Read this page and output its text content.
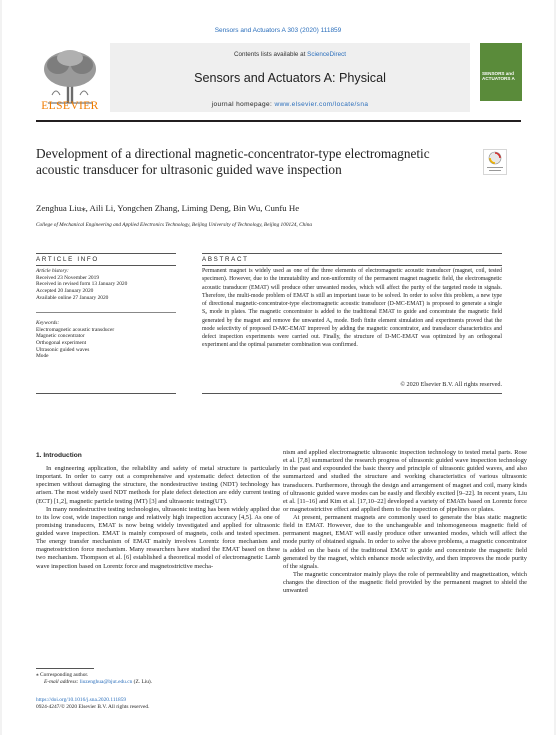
Sensors and Actuators A 303 (2020) 111859
ELSEVIER
Contents lists available at ScienceDirect
Sensors and Actuators A: Physical
journal homepage: www.elsevier.com/locate/sna
SENSORS and ACTUATORS A
Development of a directional magnetic-concentrator-type electromagnetic acoustic transducer for ultrasonic guided wave inspection
Zenghua Liu⁎, Aili Li, Yongchen Zhang, Liming Deng, Bin Wu, Cunfu He
College of Mechanical Engineering and Applied Electronics Technology, Beijing University of Technology, Beijing 100124, China
ARTICLE INFO	ABSTRACT
Article history:
Received 23 November 2019
Received in revised form 13 January 2020
Accepted 20 January 2020
Available online 27 January 2020
Keywords:
Electromagnetic acoustic transducer
Magnetic concentrator
Orthogonal experiment
Ultrasonic guided waves
Mode
Permanent magnet is widely used as one of the three elements of electromagnetic acoustic transducer (magnet, coil, tested specimen). However, due to the immutability and non-uniformity of the permanent magnet magnetic field, the electromagnetic acoustic transducer (EMAT) will produce other unwanted modes, which will affect the purity of the targeted mode in signals. Therefore, the multi-mode problem of EMAT is still an important issue to be solved. In order to solve this problem, a new type of directional magnetic-concentrator-type electromagnetic acoustic transducer (D-MC-EMAT) is proposed to generate a single S₀ mode in plates. The magnetic concentrator is added to the traditional EMAT to guide and concentrate the magnetic field generated by the magnet and remove the unwanted A₀ mode. Both finite element simulation and experiments proved that the mode selectivity of proposed D-MC-EMAT improved by adding the magnetic concentrator, and transducer characteristics and defect inspection experiments were carried out. Finally, the structure of D-MC-EMAT was optimized by an orthogonal experiment and the optimal parameter combination was confirmed.
© 2020 Elsevier B.V. All rights reserved.
1. Introduction

In engineering application, the reliability and safety of metal structure is particularly important. In order to carry out a comprehensive and systematic defect detection of the specimen without damaging the structure, the nondestructive testing (NDT) technology has arisen. The most widely used NDT methods for plate defect detection are eddy current testing (ECT) [1,2], magnetic particle testing (MT) [3] and ultrasonic testing(UT).

In many nondestructive testing technologies, ultrasonic testing has been widely applied due to its low cost, wide inspection range and relatively high inspection accuracy [4,5]. As one of promising transducers, EMAT is now being widely investigated and applied for ultrasonic guided wave inspection. EMAT is mainly composed of magnets, coils and tested specimen. The energy transfer mechanism of EMAT mainly involves Lorentz force mechanism and magnetostriction force mechanism. Many researchers have studied the EMAT based on these two mechanism. Thompson et al. [6] established a theoretical model of electromagnetic Lamb wave inspection based on Lorentz force and magnetostrictive mecha-

nism and applied electromagnetic ultrasonic inspection technology to tested metal parts. Rose et al. [7,8] summarized the research progress of ultrasonic guided wave inspection technology in the past and expounded the basic theory and principle of ultrasonic guided waves, and also summarized and studied the structure and working characteristics of various ultrasonic transducers. Furthermore, through the design and arrangement of magnet and coil, many kinds of ultrasonic guided wave modes can be easily and flexibly excited [9–22]. In recent years, Liu et al. [11–16] and Kim et al. [17,10–22] developed a variety of EMATs based on Lorentz force or magnetostrictive effect and applied them to the inspection of pipelines or plates.

At present, permanent magnets are commonly used to generate the bias static magnetic field in EMAT. However, due to the unchangeable and inhomogeneous magnetic field of permanent magnet, EMAT will easily produce other unwanted modes, which will affect the mode purity of obtained signals. In order to solve the above problems, a magnetic concentrator is added on the basis of the traditional EMAT to guide and concentrate the magnetic field generated by the magnet, which enhance mode selectivity, and then improves the mode purity of the signals.

The magnetic concentrator mainly plays the role of permeability and magnetization, which changes the direction of the magnetic field provided by the permanent magnet to shield the unwanted

⁎ Corresponding author.
E-mail address: liuzenghua@bjut.edu.cn (Z. Liu).
https://doi.org/10.1016/j.sna.2020.111859
0924-4247/© 2020 Elsevier B.V. All rights reserved.
